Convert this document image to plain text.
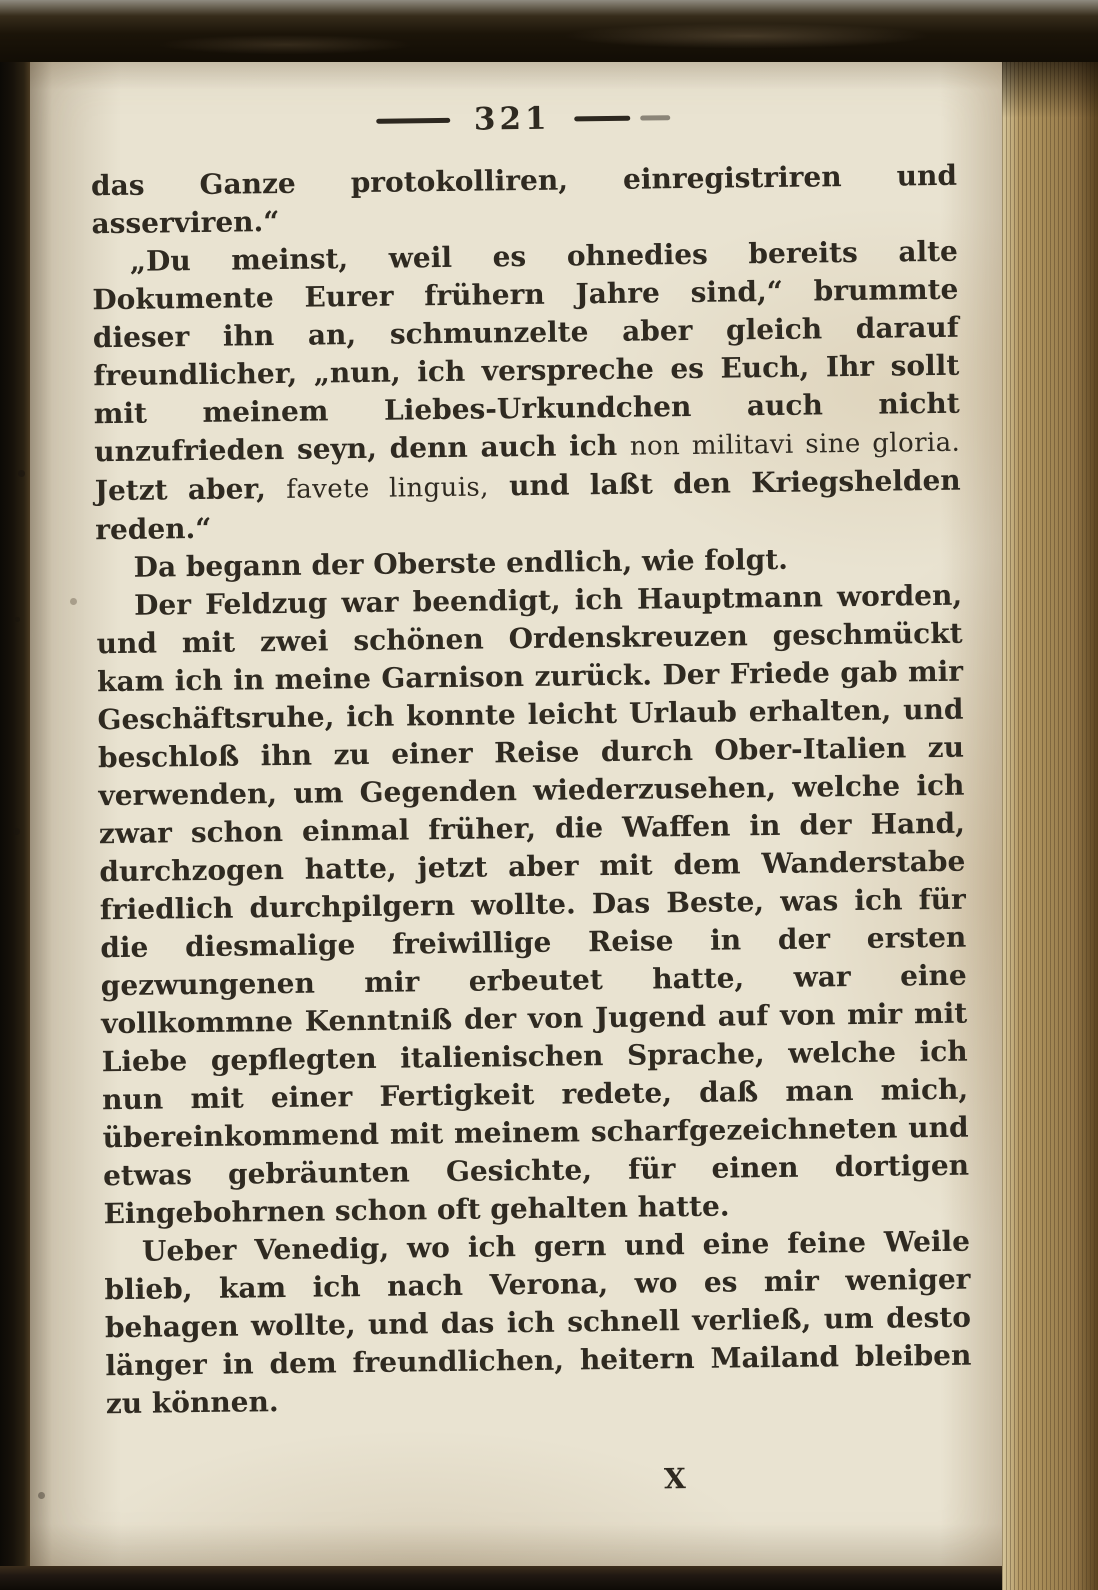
321

das Ganze protokolliren, einregistriren und asserviren.“

„Du meinst, weil es ohnedies bereits alte Dokumente Eurer frühern Jahre sind,“ brummte dieser ihn an, schmunzelte aber gleich darauf freundlicher, „nun, ich verspreche es Euch, Ihr sollt mit meinem Liebes-Urkundchen auch nicht unzufrieden seyn, denn auch ich non militavi sine gloria. Jetzt aber, favete linguis, und laßt den Kriegshelden reden.“

Da begann der Oberste endlich, wie folgt.

Der Feldzug war beendigt, ich Hauptmann worden, und mit zwei schönen Ordenskreuzen geschmückt kam ich in meine Garnison zurück. Der Friede gab mir Geschäftsruhe, ich konnte leicht Urlaub erhalten, und beschloß ihn zu einer Reise durch Ober-Italien zu verwenden, um Gegenden wiederzusehen, welche ich zwar schon einmal früher, die Waffen in der Hand, durchzogen hatte, jetzt aber mit dem Wanderstabe friedlich durchpilgern wollte. Das Beste, was ich für die diesmalige freiwillige Reise in der ersten gezwungenen mir erbeutet hatte, war eine vollkommne Kenntniß der von Jugend auf von mir mit Liebe gepflegten italienischen Sprache, welche ich nun mit einer Fertigkeit redete, daß man mich, übereinkommend mit meinem scharfgezeichneten und etwas gebräunten Gesichte, für einen dortigen Eingebohrnen schon oft gehalten hatte.

Ueber Venedig, wo ich gern und eine feine Weile blieb, kam ich nach Verona, wo es mir weniger behagen wollte, und das ich schnell verließ, um desto länger in dem freundlichen, heitern Mailand bleiben zu können.

X
